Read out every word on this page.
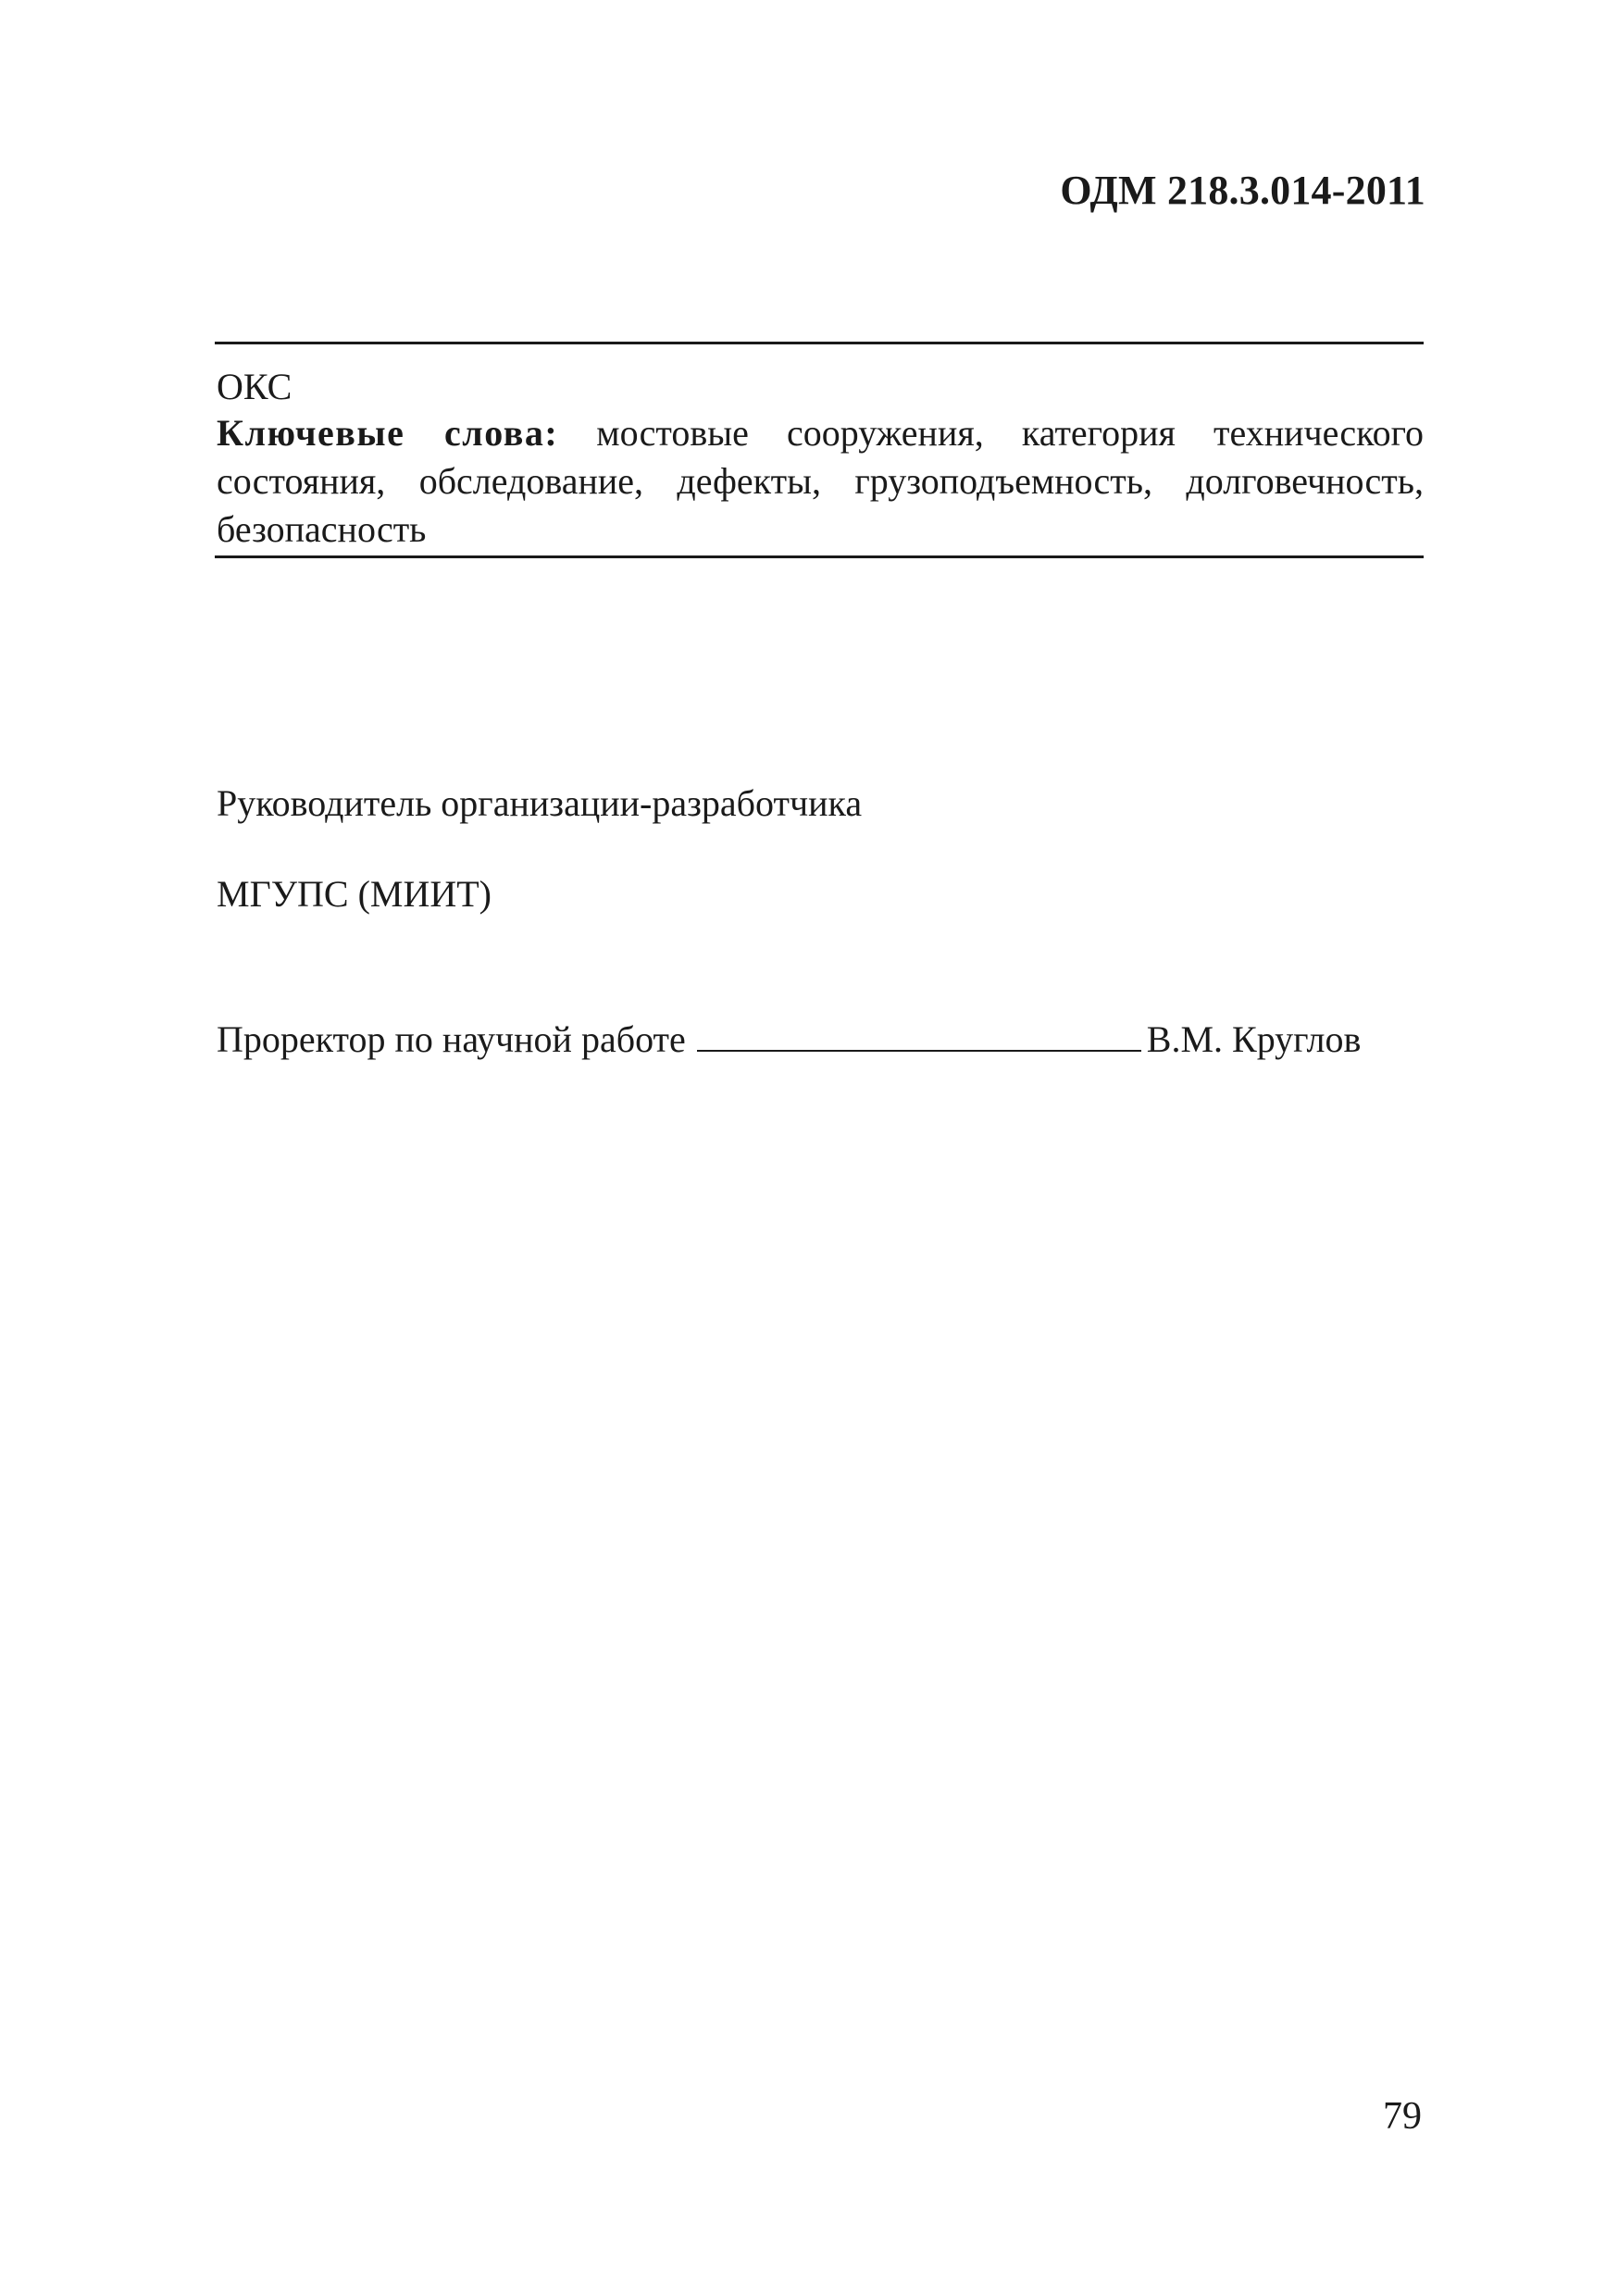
ОДМ 218.3.014-2011
ОКС
Ключевые слова: мостовые сооружения, категория технического
состояния, обследование, дефекты, грузоподъемность, долговечность,
безопасность
Руководитель организации-разработчика
МГУПС (МИИТ)
Проректор по научной работе	В.М. Круглов
79
